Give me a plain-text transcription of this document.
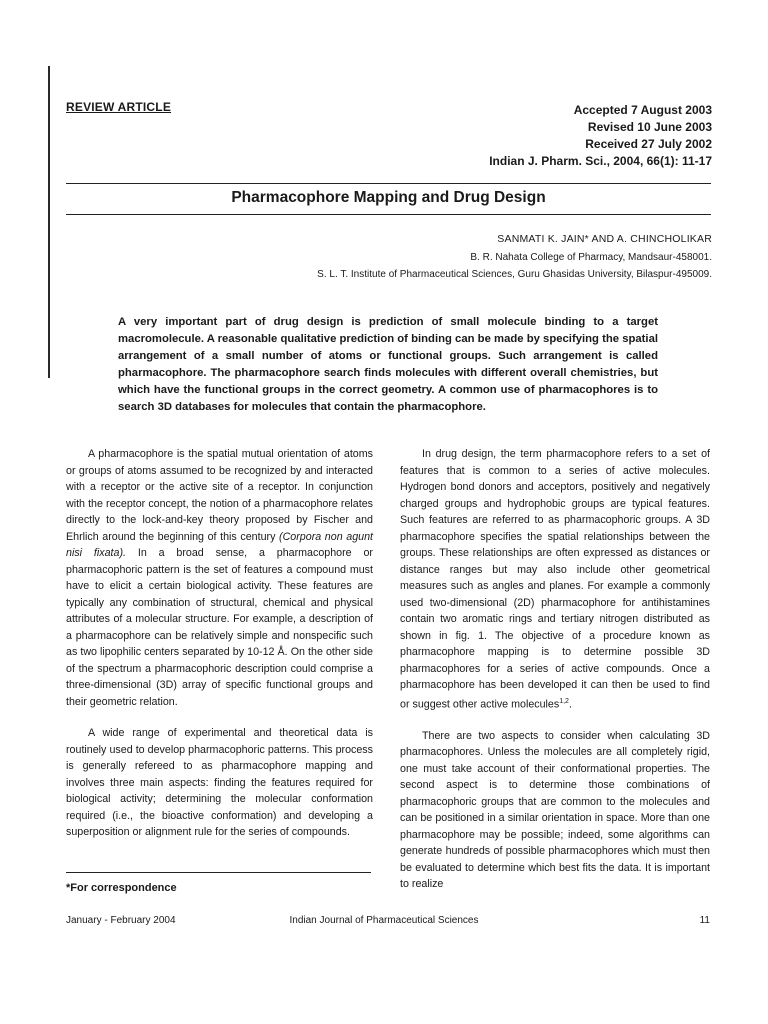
REVIEW ARTICLE	Accepted 7 August 2003
Revised 10 June 2003
Received 27 July 2002
Indian J. Pharm. Sci., 2004, 66(1): 11-17
Pharmacophore Mapping and Drug Design
SANMATI K. JAIN* AND A. CHINCHOLIKAR
B. R. Nahata College of Pharmacy, Mandsaur-458001.
S. L. T. Institute of Pharmaceutical Sciences, Guru Ghasidas University, Bilaspur-495009.
A very important part of drug design is prediction of small molecule binding to a target macromolecule. A reasonable qualitative prediction of binding can be made by specifying the spatial arrangement of a small number of atoms or functional groups. Such arrangement is called pharmacophore. The pharmacophore search finds molecules with different overall chemistries, but which have the functional groups in the correct geometry. A common use of pharmacophores is to search 3D databases for molecules that contain the pharmacophore.

A pharmacophore is the spatial mutual orientation of atoms or groups of atoms assumed to be recognized by and interacted with a receptor or the active site of a receptor. In conjunction with the receptor concept, the notion of a pharmacophore relates directly to the lock-and-key theory proposed by Fischer and Ehrlich around the beginning of this century (Corpora non agunt nisi fixata). In a broad sense, a pharmacophore or pharmacophoric pattern is the set of features a compound must have to elicit a certain biological activity. These features are typically any combination of structural, chemical and physical attributes of a molecular structure. For example, a description of a pharmacophore can be relatively simple and nonspecific such as two lipophilic centers separated by 10-12 Å. On the other side of the spectrum a pharmacophoric description could comprise a three-dimensional (3D) array of specific functional groups and their geometric relation.

A wide range of experimental and theoretical data is routinely used to develop pharmacophoric patterns. This process is generally refereed to as pharmacophore mapping and involves three main aspects: finding the features required for biological activity; determining the molecular conformation required (i.e., the bioactive conformation) and developing a superposition or alignment rule for the series of compounds.

In drug design, the term pharmacophore refers to a set of features that is common to a series of active molecules. Hydrogen bond donors and acceptors, positively and negatively charged groups and hydrophobic groups are typical features. Such features are referred to as pharmacophoric groups. A 3D pharmacophore specifies the spatial relationships between the groups. These relationships are often expressed as distances or distance ranges but may also include other geometrical measures such as angles and planes. For example a commonly used two-dimensional (2D) pharmacophore for antihistamines contain two aromatic rings and tertiary nitrogen distributed as shown in fig. 1. The objective of a procedure known as pharmacophore mapping is to determine possible 3D pharmacophores for a series of active compounds. Once a pharmacophore has been developed it can then be used to find or suggest other active molecules$^{1,2}$.

There are two aspects to consider when calculating 3D pharmacophores. Unless the molecules are all completely rigid, one must take account of their conformational properties. The second aspect is to determine those combinations of pharmacophoric groups that are common to the molecules and can be positioned in a similar orientation in space. More than one pharmacophore may be possible; indeed, some algorithms can generate hundreds of possible pharmacophores which must then be evaluated to determine which best fits the data. It is important to realize

*For correspondence
January - February 2004	Indian Journal of Pharmaceutical Sciences	11
